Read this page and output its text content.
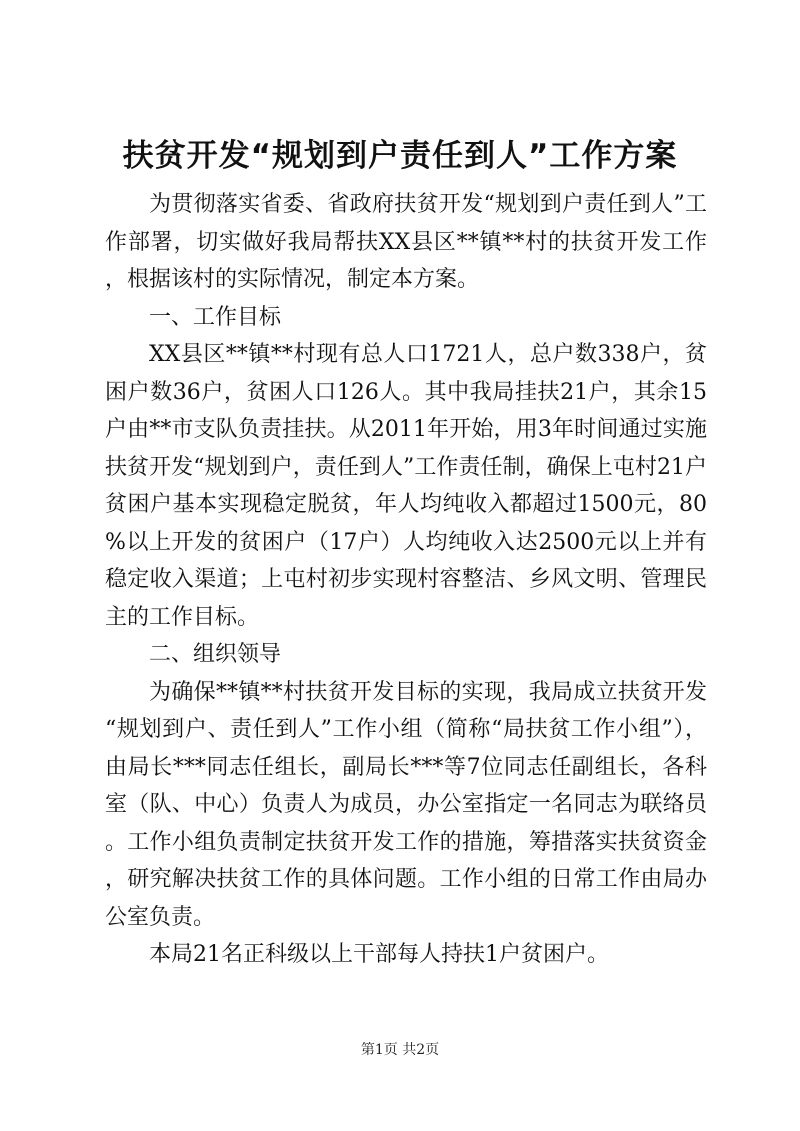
扶贫开发“规划到户责任到人”工作方案

为贯彻落实省委、省政府扶贫开发“规划到户责任到人”工作部署，切实做好我局帮扶XX县区**镇**村的扶贫开发工作，根据该村的实际情况，制定本方案。

一、工作目标

XX县区**镇**村现有总人口1721人，总户数338户，贫困户数36户，贫困人口126人。其中我局挂扶21户，其余15户由**市支队负责挂扶。从2011年开始，用3年时间通过实施扶贫开发“规划到户，责任到人”工作责任制，确保上屯村21户贫困户基本实现稳定脱贫，年人均纯收入都超过1500元，80%以上开发的贫困户（17户）人均纯收入达2500元以上并有稳定收入渠道；上屯村初步实现村容整洁、乡风文明、管理民主的工作目标。

二、组织领导

为确保**镇**村扶贫开发目标的实现，我局成立扶贫开发“规划到户、责任到人”工作小组（简称“局扶贫工作小组”），由局长***同志任组长，副局长***等7位同志任副组长，各科室（队、中心）负责人为成员，办公室指定一名同志为联络员。工作小组负责制定扶贫开发工作的措施，筹措落实扶贫资金，研究解决扶贫工作的具体问题。工作小组的日常工作由局办公室负责。

本局21名正科级以上干部每人持扶1户贫困户。

第1页 共2页
